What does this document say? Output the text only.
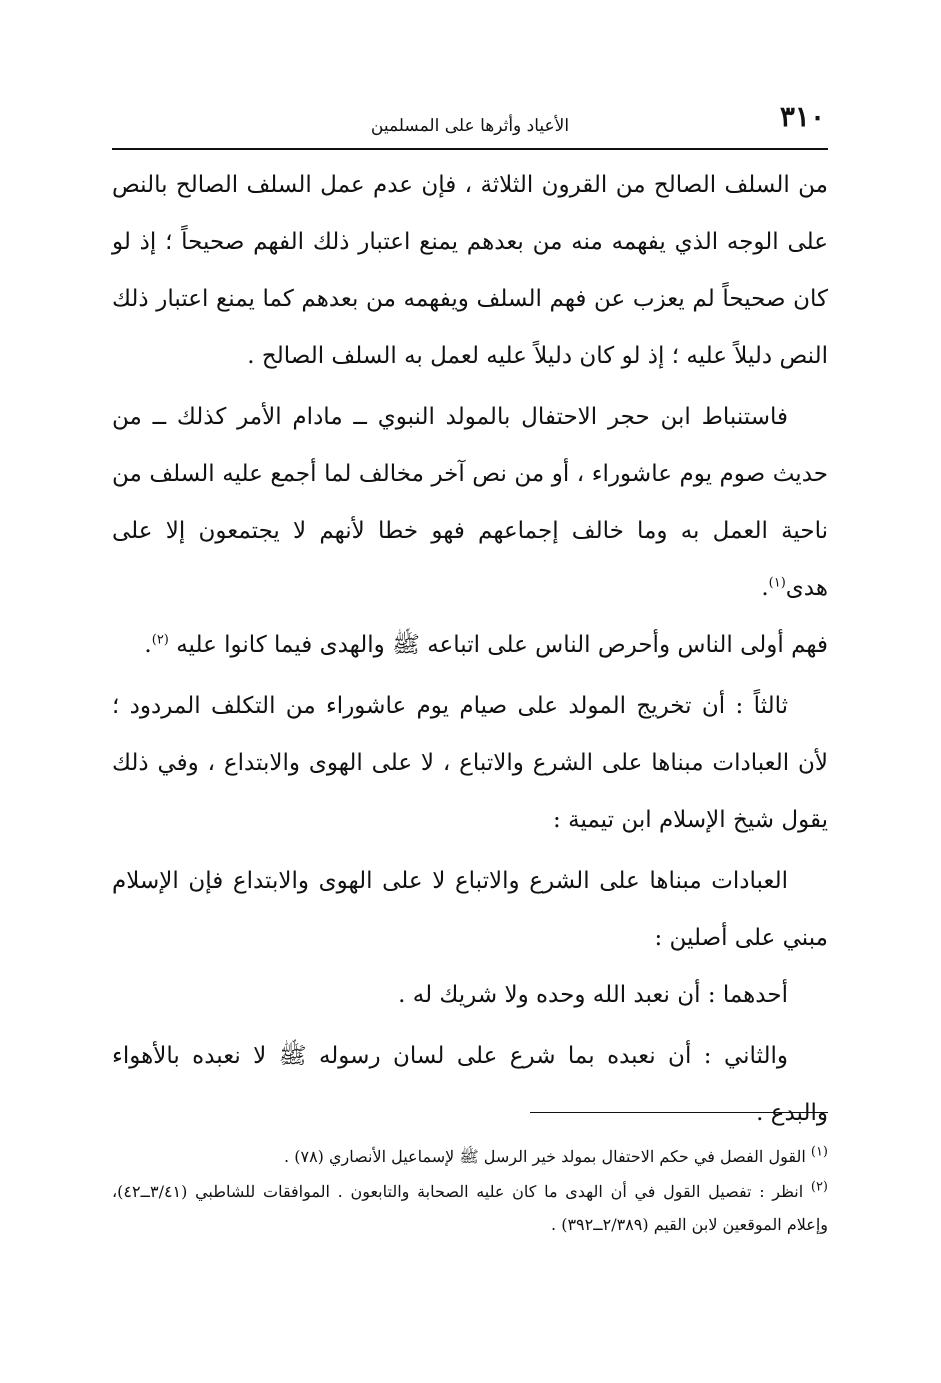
٣١٠
الأعياد وأثرها على المسلمين

من السلف الصالح من القرون الثلاثة ، فإن عدم عمل السلف الصالح بالنص على الوجه الذي يفهمه منه من بعدهم يمنع اعتبار ذلك الفهم صحيحاً ؛ إذ لو كان صحيحاً لم يعزب عن فهم السلف ويفهمه من بعدهم كما يمنع اعتبار ذلك النص دليلاً عليه ؛ إذ لو كان دليلاً عليه لعمل به السلف الصالح .

فاستنباط ابن حجر الاحتفال بالمولد النبوي ــ مادام الأمر كذلك ــ من حديث صوم يوم عاشوراء ، أو من نص آخر مخالف لما أجمع عليه السلف من ناحية العمل به وما خالف إجماعهم فهو خطا لأنهم لا يجتمعون إلا على هدى$^{(١)}$.

فهم أولى الناس وأحرص الناس على اتباعه ﷺ والهدى فيما كانوا عليه $^{(٢)}$.

ثالثاً : أن تخريج المولد على صيام يوم عاشوراء من التكلف المردود ؛ لأن العبادات مبناها على الشرع والاتباع ، لا على الهوى والابتداع ، وفي ذلك يقول شيخ الإسلام ابن تيمية :

العبادات مبناها على الشرع والاتباع لا على الهوى والابتداع فإن الإسلام مبني على أصلين :

أحدهما : أن نعبد الله وحده ولا شريك له .

والثاني : أن نعبده بما شرع على لسان رسوله ﷺ لا نعبده بالأهواء والبدع .

$^{(١)}$ القول الفصل في حكم الاحتفال بمولد خير الرسل ﷺ لإسماعيل الأنصاري (٧٨) .

$^{(٢)}$ انظر : تفصيل القول في أن الهدى ما كان عليه الصحابة والتابعون . الموافقات للشاطبي (٣/٤١ــ٤٢)، وإعلام الموقعين لابن القيم (٢/٣٨٩ــ٣٩٢) .
